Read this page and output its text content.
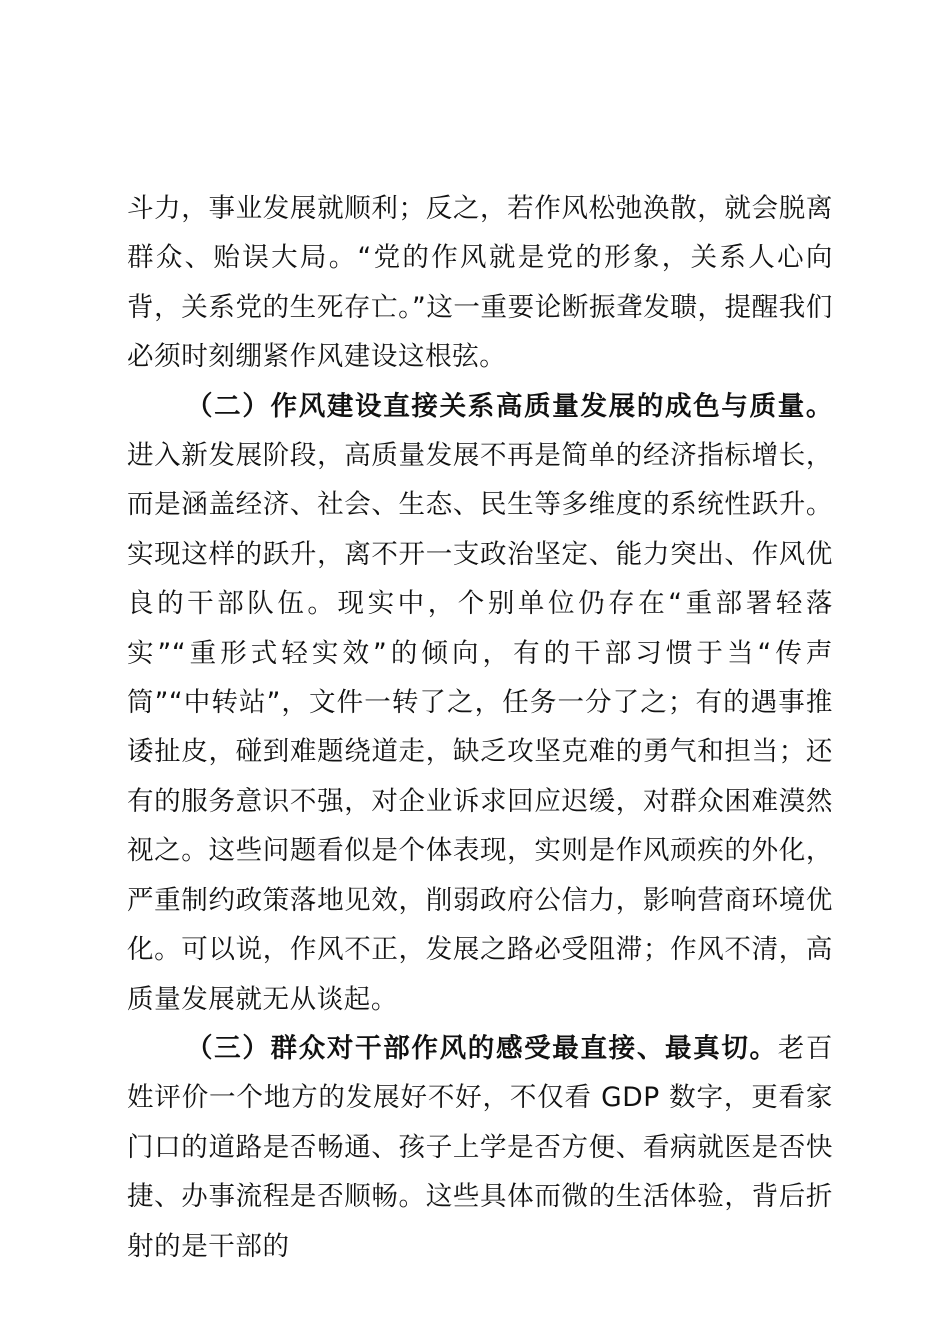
斗力，事业发展就顺利；反之，若作风松弛涣散，就会脱离群众、贻误大局。“党的作风就是党的形象，关系人心向背，关系党的生死存亡。”这一重要论断振聋发聩，提醒我们必须时刻绷紧作风建设这根弦。

（二）作风建设直接关系高质量发展的成色与质量。进入新发展阶段，高质量发展不再是简单的经济指标增长，而是涵盖经济、社会、生态、民生等多维度的系统性跃升。实现这样的跃升，离不开一支政治坚定、能力突出、作风优良的干部队伍。现实中，个别单位仍存在“重部署轻落实”“重形式轻实效”的倾向，有的干部习惯于当“传声筒”“中转站”，文件一转了之，任务一分了之；有的遇事推诿扯皮，碰到难题绕道走，缺乏攻坚克难的勇气和担当；还有的服务意识不强，对企业诉求回应迟缓，对群众困难漠然视之。这些问题看似是个体表现，实则是作风顽疾的外化，严重制约政策落地见效，削弱政府公信力，影响营商环境优化。可以说，作风不正，发展之路必受阻滞；作风不清，高质量发展就无从谈起。

（三）群众对干部作风的感受最直接、最真切。老百姓评价一个地方的发展好不好，不仅看 GDP 数字，更看家门口的道路是否畅通、孩子上学是否方便、看病就医是否快捷、办事流程是否顺畅。这些具体而微的生活体验，背后折射的是干部的
